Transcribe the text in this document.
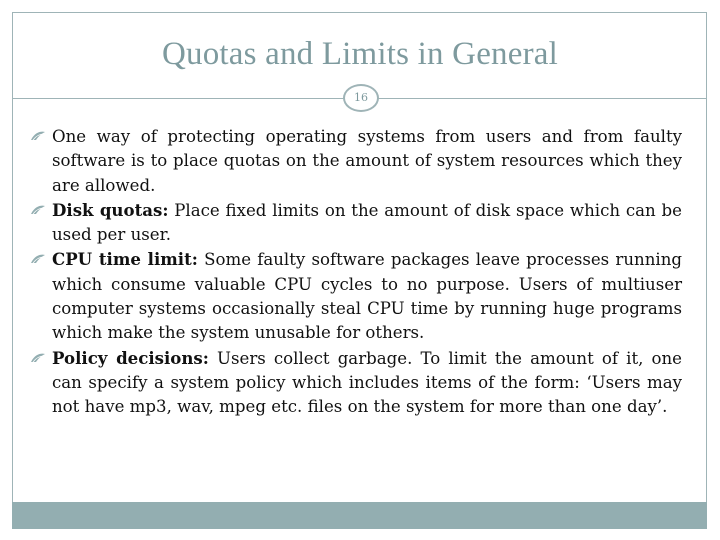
Quotas and Limits in General
16
One way of protecting operating systems from users and from faulty software is to place quotas on the amount of system resources which they are allowed.
Disk quotas: Place fixed limits on the amount of disk space which can be used per user.
CPU time limit: Some faulty software packages leave processes running which consume valuable CPU cycles to no purpose. Users of multiuser computer systems occasionally steal CPU time by running huge programs which make the system unusable for others.
Policy decisions: Users collect garbage. To limit the amount of it, one can specify a system policy which includes items of the form: ‘Users may not have mp3, wav, mpeg etc. files on the system for more than one day’.
